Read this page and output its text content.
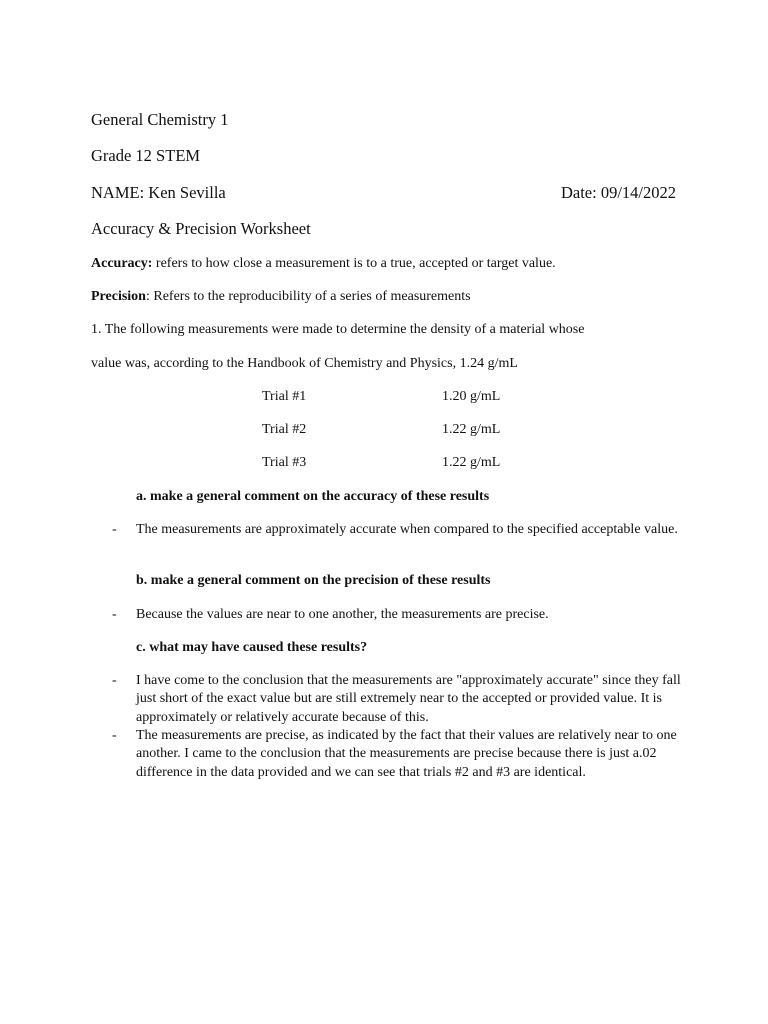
General Chemistry 1
Grade 12 STEM
NAME: Ken Sevilla	Date: 09/14/2022
Accuracy & Precision Worksheet
Accuracy: refers to how close a measurement is to a true, accepted or target value.
Precision: Refers to the reproducibility of a series of measurements
1. The following measurements were made to determine the density of a material whose
value was, according to the Handbook of Chemistry and Physics, 1.24 g/mL
Trial #1	1.20 g/mL
Trial #2	1.22 g/mL
Trial #3	1.22 g/mL
a. make a general comment on the accuracy of these results
- The measurements are approximately accurate when compared to the specified acceptable value.
b. make a general comment on the precision of these results
- Because the values are near to one another, the measurements are precise.
c. what may have caused these results?
- I have come to the conclusion that the measurements are "approximately accurate" since they fall just short of the exact value but are still extremely near to the accepted or provided value. It is approximately or relatively accurate because of this.
- The measurements are precise, as indicated by the fact that their values are relatively near to one another. I came to the conclusion that the measurements are precise because there is just a.02 difference in the data provided and we can see that trials #2 and #3 are identical.
